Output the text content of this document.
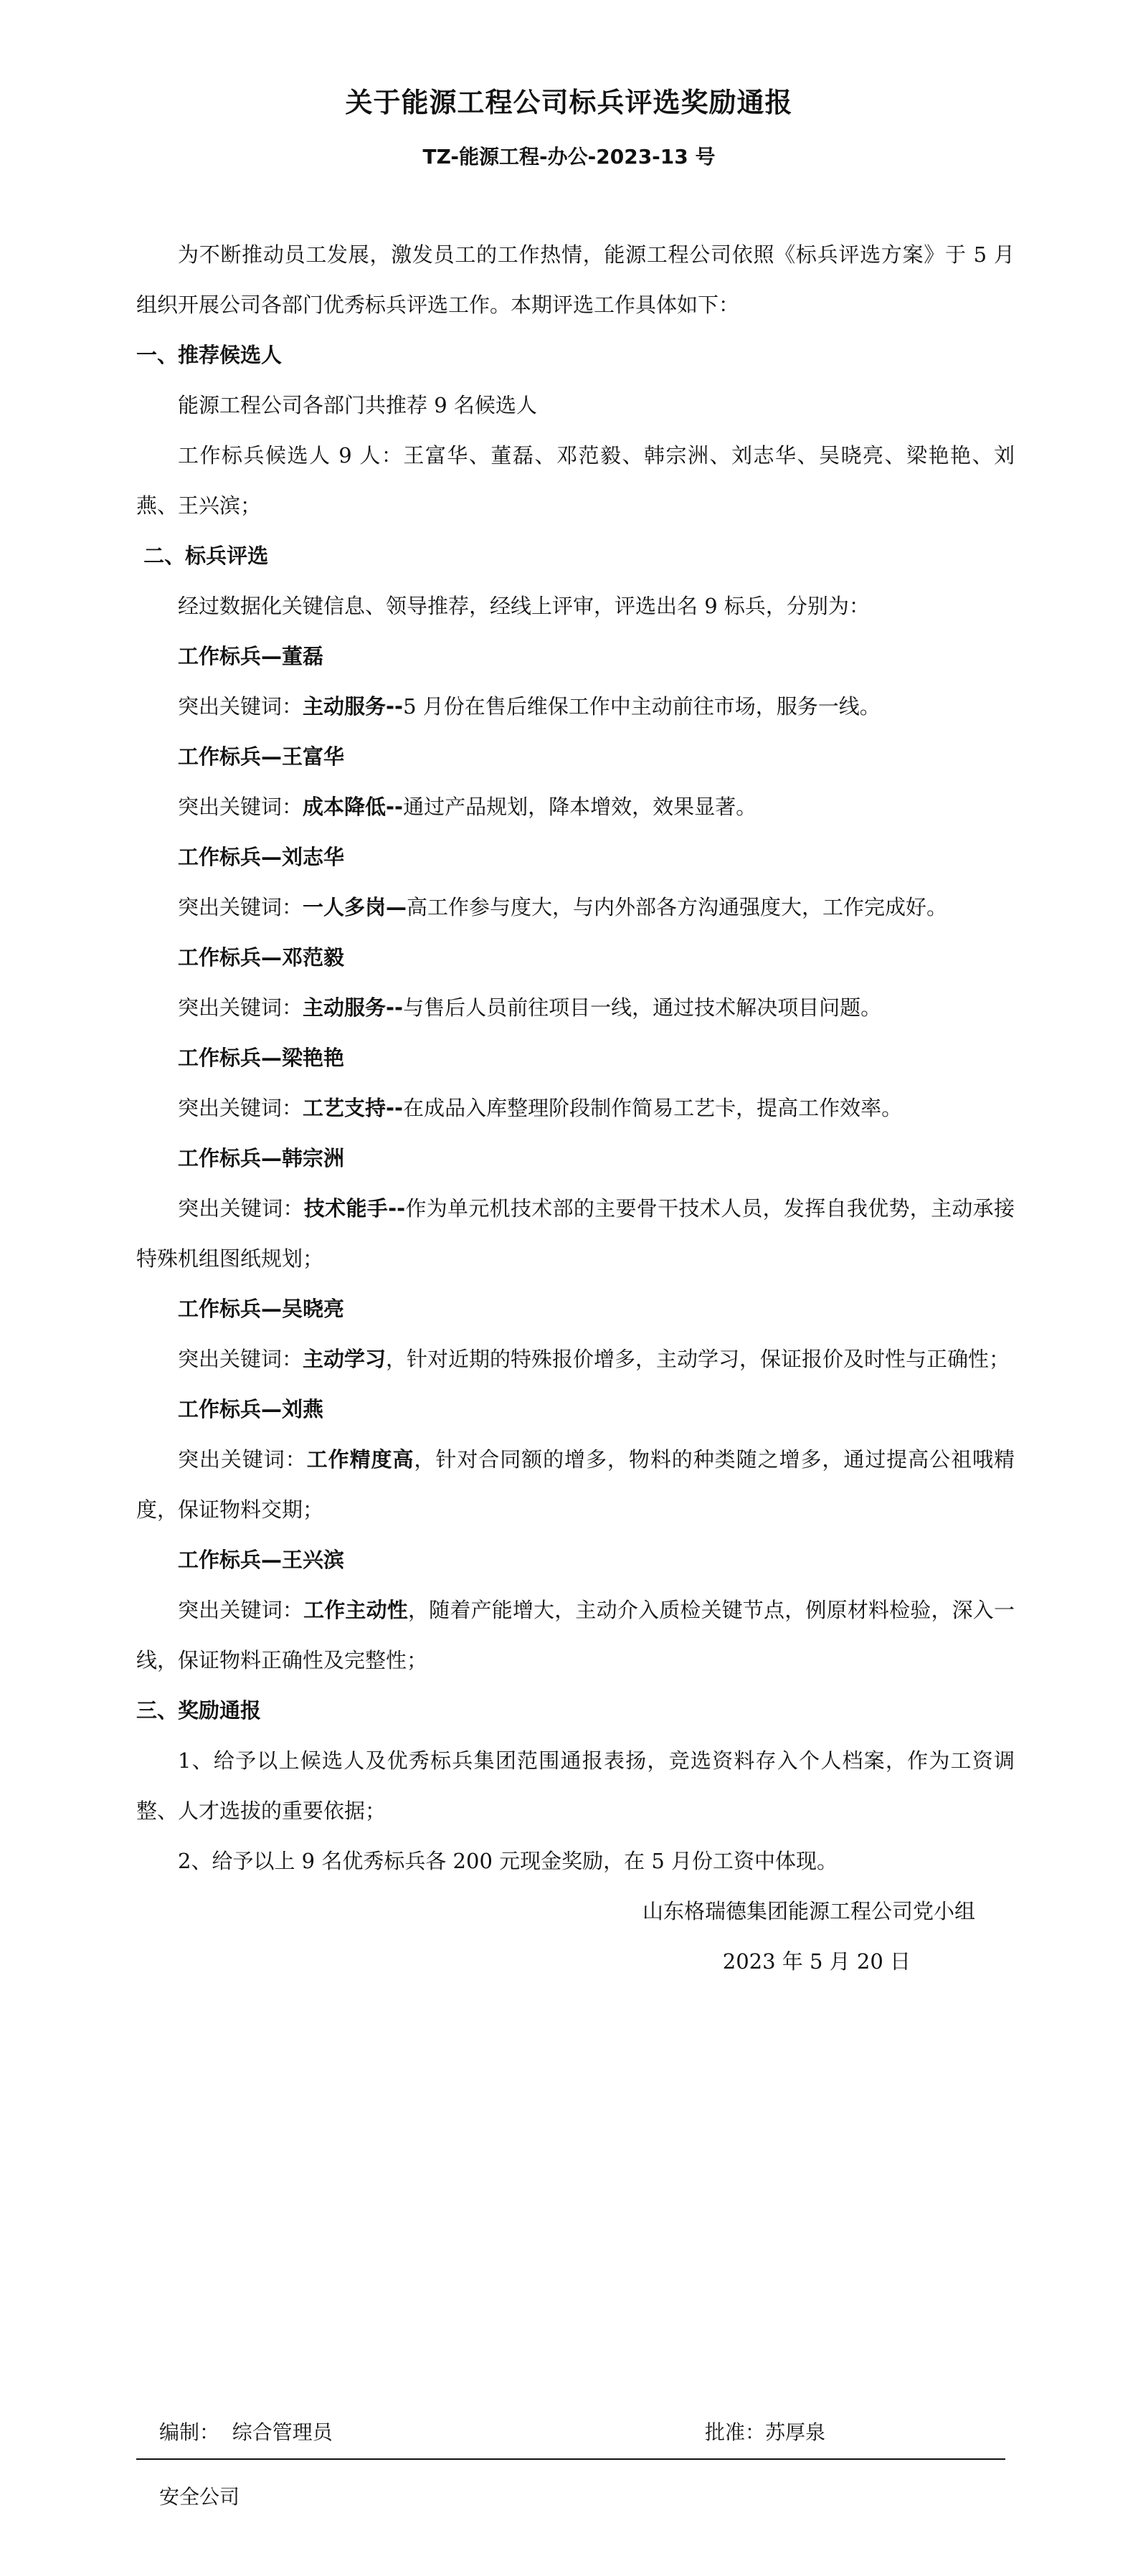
关于能源工程公司标兵评选奖励通报
TZ-能源工程-办公-2023-13 号

为不断推动员工发展，激发员工的工作热情，能源工程公司依照《标兵评选方案》于 5 月组织开展公司各部门优秀标兵评选工作。本期评选工作具体如下：

一、推荐候选人

能源工程公司各部门共推荐 9 名候选人

工作标兵候选人 9 人：王富华、董磊、邓范毅、韩宗洲、刘志华、吴晓亮、梁艳艳、刘燕、王兴滨；

二、标兵评选

经过数据化关键信息、领导推荐，经线上评审，评选出名 9 标兵，分别为：

工作标兵—董磊

突出关键词：主动服务--5 月份在售后维保工作中主动前往市场，服务一线。

工作标兵—王富华

突出关键词：成本降低--通过产品规划，降本增效，效果显著。

工作标兵—刘志华

突出关键词：一人多岗—高工作参与度大，与内外部各方沟通强度大，工作完成好。

工作标兵—邓范毅

突出关键词：主动服务--与售后人员前往项目一线，通过技术解决项目问题。

工作标兵—梁艳艳

突出关键词：工艺支持--在成品入库整理阶段制作简易工艺卡，提高工作效率。

工作标兵—韩宗洲

突出关键词：技术能手--作为单元机技术部的主要骨干技术人员，发挥自我优势，主动承接特殊机组图纸规划；

工作标兵—吴晓亮

突出关键词：主动学习，针对近期的特殊报价增多，主动学习，保证报价及时性与正确性；

工作标兵—刘燕

突出关键词：工作精度高，针对合同额的增多，物料的种类随之增多，通过提高公祖哦精度，保证物料交期；

工作标兵—王兴滨

突出关键词：工作主动性，随着产能增大，主动介入质检关键节点，例原材料检验，深入一线，保证物料正确性及完整性；

三、奖励通报

1、给予以上候选人及优秀标兵集团范围通报表扬，竞选资料存入个人档案，作为工资调整、人才选拔的重要依据；

2、给予以上 9 名优秀标兵各 200 元现金奖励，在 5 月份工资中体现。

山东格瑞德集团能源工程公司党小组

2023 年 5 月 20 日

编制：  综合管理员	批准：苏厚泉
安全公司
